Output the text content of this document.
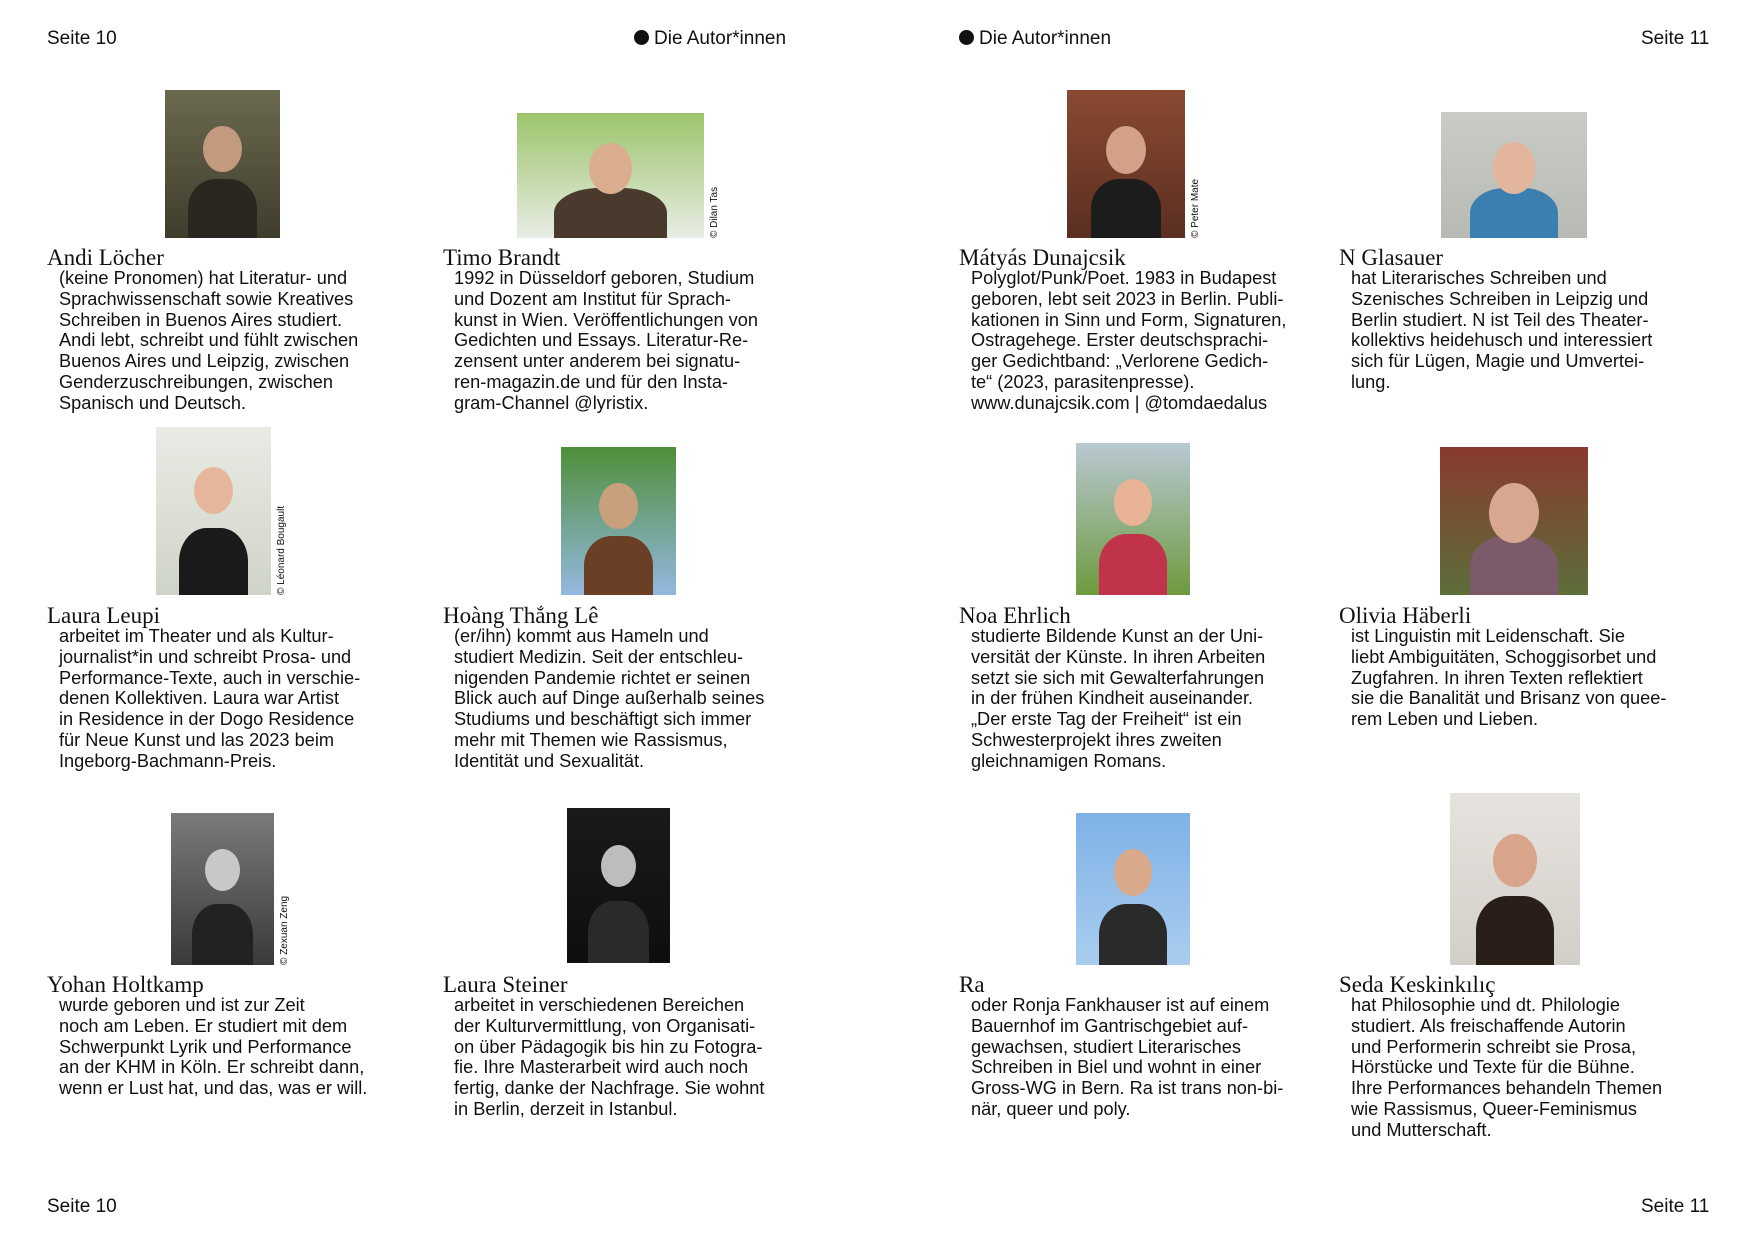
Seite 10	Die Autor*innen
Seite 10
Die Autor*innen	Seite 11
Seite 11
Andi Löcher
(keine Pronomen) hat Literatur- und
Sprachwissenschaft sowie Kreatives
Schreiben in Buenos Aires studiert.
Andi lebt, schreibt und fühlt zwischen
Buenos Aires und Leipzig, zwischen
Genderzuschreibungen, zwischen
Spanisch und Deutsch.
© Dilan Tas
Timo Brandt
1992 in Düsseldorf geboren, Studium
und Dozent am Institut für Sprach-
kunst in Wien. Veröffentlichungen von
Gedichten und Essays. Literatur-Re-
zensent unter anderem bei signatu-
ren-magazin.de und für den Insta-
gram-Channel @lyristix.
© Peter Mate
Mátyás Dunajcsik
Polyglot/Punk/Poet. 1983 in Budapest
geboren, lebt seit 2023 in Berlin. Publi-
kationen in Sinn und Form, Signaturen,
Ostragehege. Erster deutschsprachi-
ger Gedichtband: „Verlorene Gedich-
te“ (2023, parasitenpresse).
www.dunajcsik.com | @tomdaedalus
N Glasauer
hat Literarisches Schreiben und
Szenisches Schreiben in Leipzig und
Berlin studiert. N ist Teil des Theater-
kollektivs heidehusch und interessiert
sich für Lügen, Magie und Umvertei-
lung.
© Léonard Bougault
Laura Leupi
arbeitet im Theater und als Kultur-
journalist*in und schreibt Prosa- und
Performance-Texte, auch in verschie-
denen Kollektiven. Laura war Artist
in Residence in der Dogo Residence
für Neue Kunst und las 2023 beim
Ingeborg-Bachmann-Preis.
Hoàng Thắng Lê
(er/ihn) kommt aus Hameln und
studiert Medizin. Seit der entschleu-
nigenden Pandemie richtet er seinen
Blick auch auf Dinge außerhalb seines
Studiums und beschäftigt sich immer
mehr mit Themen wie Rassismus,
Identität und Sexualität.
Noa Ehrlich
studierte Bildende Kunst an der Uni-
versität der Künste. In ihren Arbeiten
setzt sie sich mit Gewalterfahrungen
in der frühen Kindheit auseinander.
„Der erste Tag der Freiheit“ ist ein
Schwesterprojekt ihres zweiten
gleichnamigen Romans.
Olivia Häberli
ist Linguistin mit Leidenschaft. Sie
liebt Ambiguitäten, Schoggisorbet und
Zugfahren. In ihren Texten reflektiert
sie die Banalität und Brisanz von quee-
rem Leben und Lieben.
© Zexuan Zeng
Yohan Holtkamp
wurde geboren und ist zur Zeit
noch am Leben. Er studiert mit dem
Schwerpunkt Lyrik und Performance
an der KHM in Köln. Er schreibt dann,
wenn er Lust hat, und das, was er will.
Laura Steiner
arbeitet in verschiedenen Bereichen
der Kulturvermittlung, von Organisati-
on über Pädagogik bis hin zu Fotogra-
fie. Ihre Masterarbeit wird auch noch
fertig, danke der Nachfrage. Sie wohnt
in Berlin, derzeit in Istanbul.
Ra
oder Ronja Fankhauser ist auf einem
Bauernhof im Gantrischgebiet auf-
gewachsen, studiert Literarisches
Schreiben in Biel und wohnt in einer
Gross-WG in Bern. Ra ist trans non-bi-
när, queer und poly.
Seda Keskinkılıç
hat Philosophie und dt. Philologie
studiert. Als freischaffende Autorin
und Performerin schreibt sie Prosa,
Hörstücke und Texte für die Bühne.
Ihre Performances behandeln Themen
wie Rassismus, Queer-Feminismus
und Mutterschaft.
